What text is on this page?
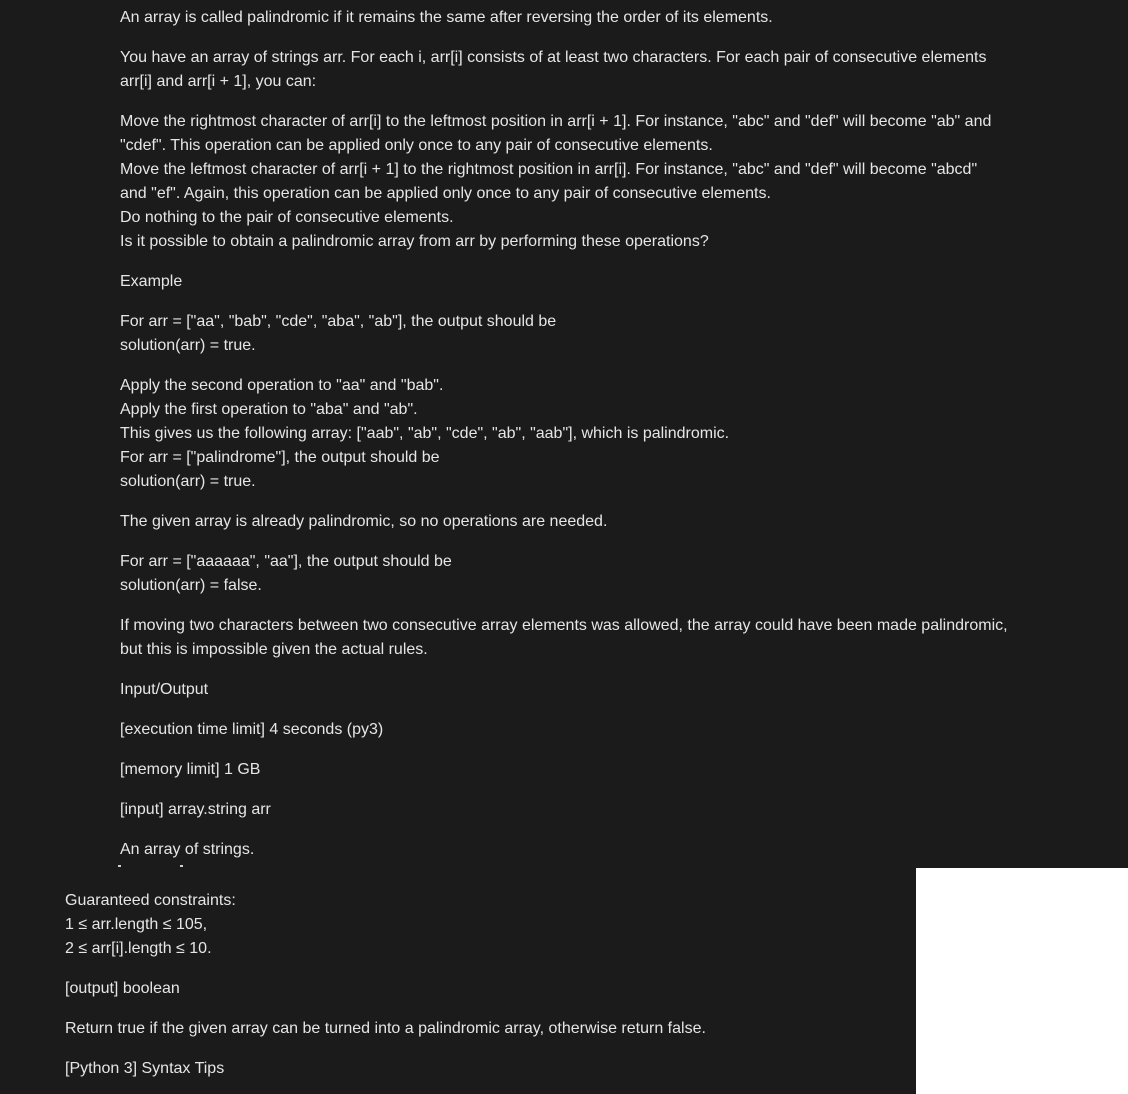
An array is called palindromic if it remains the same after reversing the order of its elements.
You have an array of strings arr. For each i, arr[i] consists of at least two characters. For each pair of consecutive elements
arr[i] and arr[i + 1], you can:
Move the rightmost character of arr[i] to the leftmost position in arr[i + 1]. For instance, "abc" and "def" will become "ab" and
"cdef". This operation can be applied only once to any pair of consecutive elements.
Move the leftmost character of arr[i + 1] to the rightmost position in arr[i]. For instance, "abc" and "def" will become "abcd"
and "ef". Again, this operation can be applied only once to any pair of consecutive elements.
Do nothing to the pair of consecutive elements.
Is it possible to obtain a palindromic array from arr by performing these operations?
Example
For arr = ["aa", "bab", "cde", "aba", "ab"], the output should be
solution(arr) = true.
Apply the second operation to "aa" and "bab".
Apply the first operation to "aba" and "ab".
This gives us the following array: ["aab", "ab", "cde", "ab", "aab"], which is palindromic.
For arr = ["palindrome"], the output should be
solution(arr) = true.
The given array is already palindromic, so no operations are needed.
For arr = ["aaaaaa", "aa"], the output should be
solution(arr) = false.
If moving two characters between two consecutive array elements was allowed, the array could have been made palindromic,
but this is impossible given the actual rules.
Input/Output
[execution time limit] 4 seconds (py3)
[memory limit] 1 GB
[input] array.string arr
An array of strings.
Guaranteed constraints:
1 ≤ arr.length ≤ 105,
2 ≤ arr[i].length ≤ 10.
[output] boolean
Return true if the given array can be turned into a palindromic array, otherwise return false.
[Python 3] Syntax Tips
